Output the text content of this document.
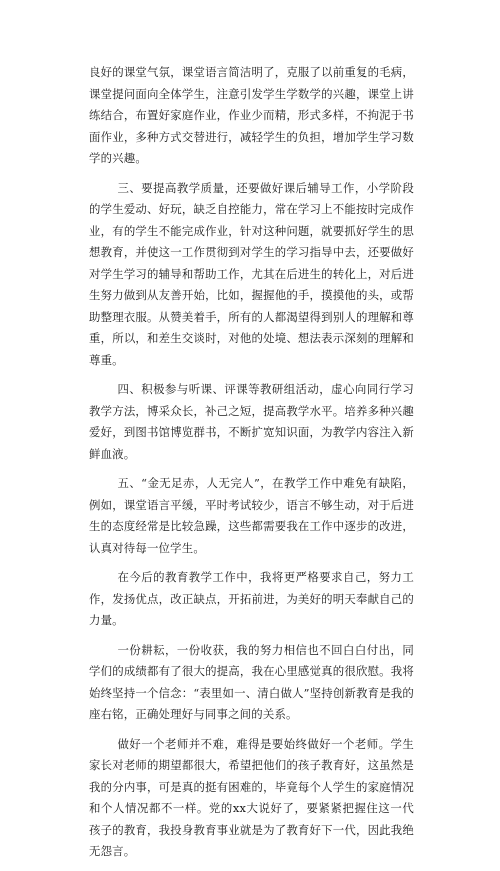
良好的课堂气氛，课堂语言简洁明了，克服了以前重复的毛病，课堂提问面向全体学生，注意引发学生学数学的兴趣，课堂上讲练结合，布置好家庭作业，作业少而精，形式多样，不拘泥于书面作业，多种方式交替进行，减轻学生的负担，增加学生学习数学的兴趣。

三、要提高教学质量，还要做好课后辅导工作，小学阶段的学生爱动、好玩，缺乏自控能力，常在学习上不能按时完成作业，有的学生不能完成作业，针对这种问题，就要抓好学生的思想教育，并使这一工作贯彻到对学生的学习指导中去，还要做好对学生学习的辅导和帮助工作，尤其在后进生的转化上，对后进生努力做到从友善开始，比如，握握他的手，摸摸他的头，或帮助整理衣服。从赞美着手，所有的人都渴望得到别人的理解和尊重，所以，和差生交谈时，对他的处境、想法表示深刻的理解和尊重。

四、积极参与听课、评课等教研组活动，虚心向同行学习教学方法，博采众长，补己之短，提高教学水平。培养多种兴趣爱好，到图书馆博览群书，不断扩宽知识面，为教学内容注入新鲜血液。

五、“金无足赤，人无完人”，在教学工作中难免有缺陷，例如，课堂语言平缓，平时考试较少，语言不够生动，对于后进生的态度经常是比较急躁，这些都需要我在工作中逐步的改进，认真对待每一位学生。

在今后的教育教学工作中，我将更严格要求自己，努力工作，发扬优点，改正缺点，开拓前进，为美好的明天奉献自己的力量。

一份耕耘，一份收获，我的努力相信也不回白白付出，同学们的成绩都有了很大的提高，我在心里感觉真的很欣慰。我将始终坚持一个信念：“表里如一、清白做人”坚持创新教育是我的座右铭，正确处理好与同事之间的关系。

做好一个老师并不难，难得是要始终做好一个老师。学生家长对老师的期望都很大，希望把他们的孩子教育好，这虽然是我的分内事，可是真的挺有困难的，毕竟每个人学生的家庭情况和个人情况都不一样。党的xx大说好了，要紧紧把握住这一代孩子的教育，我投身教育事业就是为了教育好下一代，因此我绝无怨言。
